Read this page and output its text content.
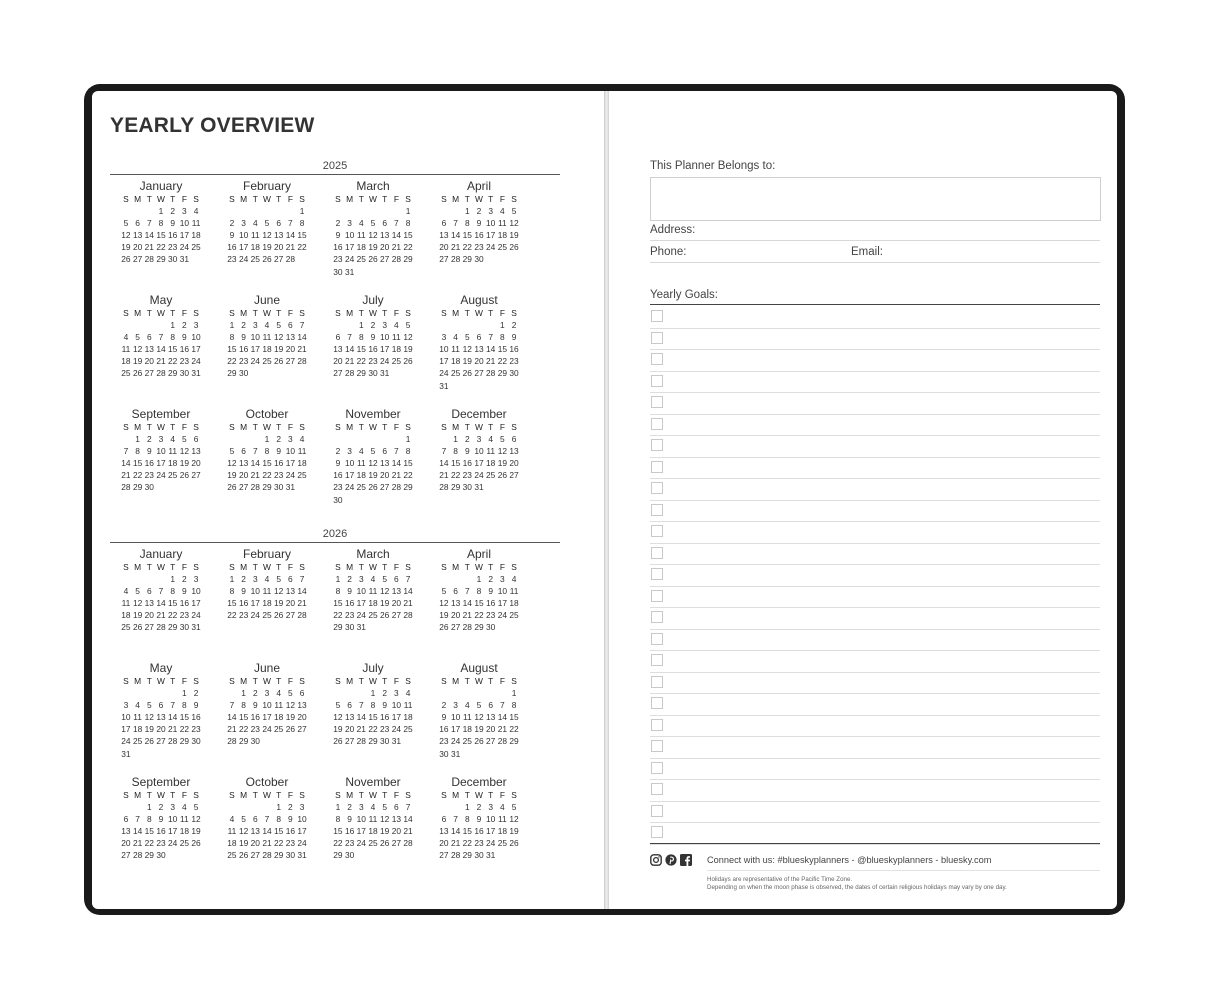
YEARLY OVERVIEW
2025
January
S M T W T F S
1 2 3 4
5 6 7 8 9 10 11
12 13 14 15 16 17 18
19 20 21 22 23 24 25
26 27 28 29 30 31
February
S M T W T F S
1
2 3 4 5 6 7 8
9 10 11 12 13 14 15
16 17 18 19 20 21 22
23 24 25 26 27 28
March
S M T W T F S
1
2 3 4 5 6 7 8
9 10 11 12 13 14 15
16 17 18 19 20 21 22
23 24 25 26 27 28 29
30 31
April
S M T W T F S
1 2 3 4 5
6 7 8 9 10 11 12
13 14 15 16 17 18 19
20 21 22 23 24 25 26
27 28 29 30
May
S M T W T F S
1 2 3
4 5 6 7 8 9 10
11 12 13 14 15 16 17
18 19 20 21 22 23 24
25 26 27 28 29 30 31
June
S M T W T F S
1 2 3 4 5 6 7
8 9 10 11 12 13 14
15 16 17 18 19 20 21
22 23 24 25 26 27 28
29 30
July
S M T W T F S
1 2 3 4 5
6 7 8 9 10 11 12
13 14 15 16 17 18 19
20 21 22 23 24 25 26
27 28 29 30 31
August
S M T W T F S
1 2
3 4 5 6 7 8 9
10 11 12 13 14 15 16
17 18 19 20 21 22 23
24 25 26 27 28 29 30
31
September
S M T W T F S
1 2 3 4 5 6
7 8 9 10 11 12 13
14 15 16 17 18 19 20
21 22 23 24 25 26 27
28 29 30
October
S M T W T F S
1 2 3 4
5 6 7 8 9 10 11
12 13 14 15 16 17 18
19 20 21 22 23 24 25
26 27 28 29 30 31
November
S M T W T F S
1
2 3 4 5 6 7 8
9 10 11 12 13 14 15
16 17 18 19 20 21 22
23 24 25 26 27 28 29
30
December
S M T W T F S
1 2 3 4 5 6
7 8 9 10 11 12 13
14 15 16 17 18 19 20
21 22 23 24 25 26 27
28 29 30 31
2026
January
S M T W T F S
1 2 3
4 5 6 7 8 9 10
11 12 13 14 15 16 17
18 19 20 21 22 23 24
25 26 27 28 29 30 31
February
S M T W T F S
1 2 3 4 5 6 7
8 9 10 11 12 13 14
15 16 17 18 19 20 21
22 23 24 25 26 27 28
March
S M T W T F S
1 2 3 4 5 6 7
8 9 10 11 12 13 14
15 16 17 18 19 20 21
22 23 24 25 26 27 28
29 30 31
April
S M T W T F S
1 2 3 4
5 6 7 8 9 10 11
12 13 14 15 16 17 18
19 20 21 22 23 24 25
26 27 28 29 30
May
S M T W T F S
1 2
3 4 5 6 7 8 9
10 11 12 13 14 15 16
17 18 19 20 21 22 23
24 25 26 27 28 29 30
31
June
S M T W T F S
1 2 3 4 5 6
7 8 9 10 11 12 13
14 15 16 17 18 19 20
21 22 23 24 25 26 27
28 29 30
July
S M T W T F S
1 2 3 4
5 6 7 8 9 10 11
12 13 14 15 16 17 18
19 20 21 22 23 24 25
26 27 28 29 30 31
August
S M T W T F S
1
2 3 4 5 6 7 8
9 10 11 12 13 14 15
16 17 18 19 20 21 22
23 24 25 26 27 28 29
30 31
September
S M T W T F S
1 2 3 4 5
6 7 8 9 10 11 12
13 14 15 16 17 18 19
20 21 22 23 24 25 26
27 28 29 30
October
S M T W T F S
1 2 3
4 5 6 7 8 9 10
11 12 13 14 15 16 17
18 19 20 21 22 23 24
25 26 27 28 29 30 31
November
S M T W T F S
1 2 3 4 5 6 7
8 9 10 11 12 13 14
15 16 17 18 19 20 21
22 23 24 25 26 27 28
29 30
December
S M T W T F S
1 2 3 4 5
6 7 8 9 10 11 12
13 14 15 16 17 18 19
20 21 22 23 24 25 26
27 28 29 30 31
This Planner Belongs to:
Address:
Phone:	Email:
Yearly Goals:
Connect with us: #blueskyplanners - @blueskyplanners - bluesky.com
Holidays are representative of the Pacific Time Zone.
Depending on when the moon phase is observed, the dates of certain religious holidays may vary by one day.
